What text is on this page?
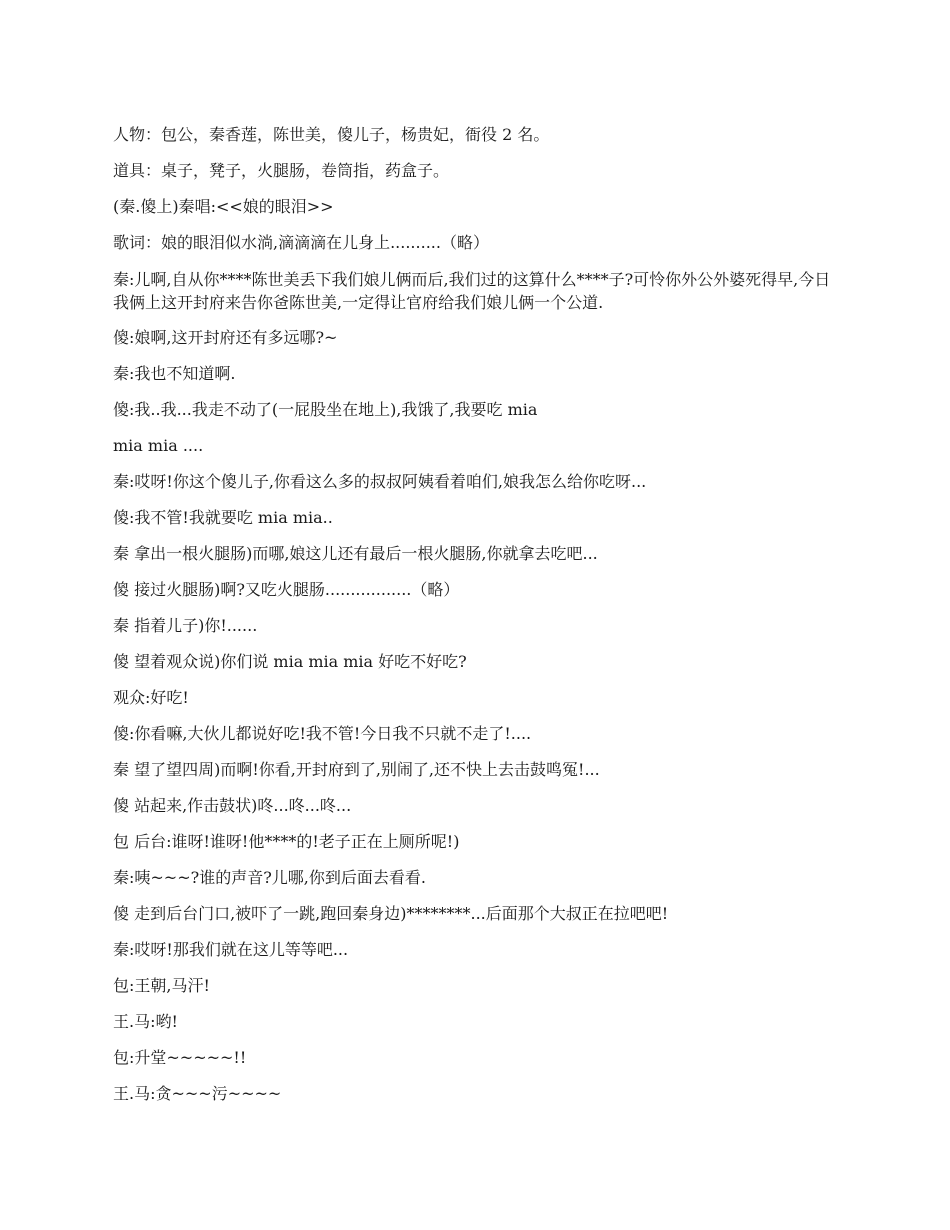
人物：包公，秦香莲，陈世美，傻儿子，杨贵妃，衙役 2 名。

道具：桌子，凳子，火腿肠，卷筒指，药盒子。

(秦.傻上)秦唱:<<娘的眼泪>>

歌词：娘的眼泪似水淌,滴滴滴在儿身上..........（略）

秦:儿啊,自从你****陈世美丢下我们娘儿俩而后,我们过的这算什么****子?可怜你外公外婆死得早,今日我俩上这开封府来告你爸陈世美,一定得让官府给我们娘儿俩一个公道.

傻:娘啊,这开封府还有多远哪?~

秦:我也不知道啊.

傻:我..我...我走不动了(一屁股坐在地上),我饿了,我要吃 mia

mia mia ....

秦:哎呀!你这个傻儿子,你看这么多的叔叔阿姨看着咱们,娘我怎么给你吃呀...

傻:我不管!我就要吃 mia mia..

秦 拿出一根火腿肠)而哪,娘这儿还有最后一根火腿肠,你就拿去吃吧...

傻 接过火腿肠)啊?又吃火腿肠.................（略）

秦 指着儿子)你!......

傻 望着观众说)你们说 mia mia mia 好吃不好吃?

观众:好吃!

傻:你看嘛,大伙儿都说好吃!我不管!今日我不只就不走了!....

秦 望了望四周)而啊!你看,开封府到了,别闹了,还不快上去击鼓鸣冤!...

傻 站起来,作击鼓状)咚...咚...咚...

包 后台:谁呀!谁呀!他****的!老子正在上厕所呢!)

秦:咦~~~?谁的声音?儿哪,你到后面去看看.

傻 走到后台门口,被吓了一跳,跑回秦身边)********...后面那个大叔正在拉吧吧!

秦:哎呀!那我们就在这儿等等吧...

包:王朝,马汗!

王.马:哟!

包:升堂~~~~~!!

王.马:贪~~~污~~~~
